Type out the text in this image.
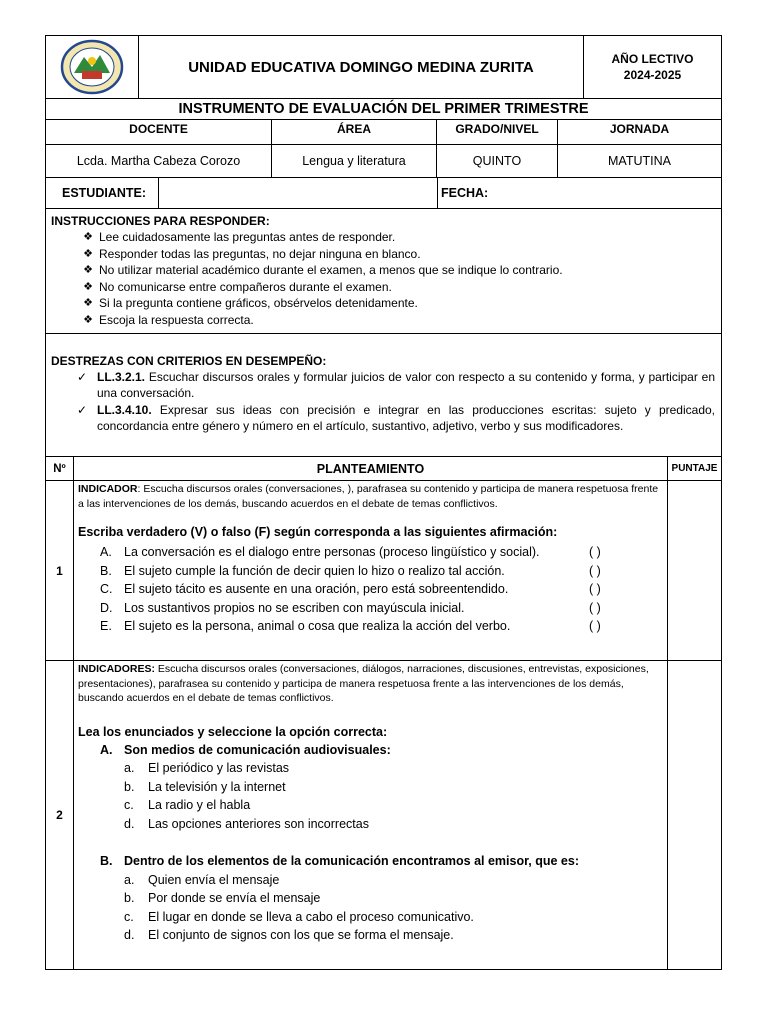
UNIDAD EDUCATIVA DOMINGO MEDINA ZURITA	AÑO LECTIVO
2024-2025
INSTRUMENTO DE EVALUACIÓN DEL PRIMER TRIMESTRE
DOCENTE	ÁREA	GRADO/NIVEL	JORNADA
Lcda. Martha Cabeza Corozo	Lengua y literatura	QUINTO	MATUTINA
ESTUDIANTE:	FECHA:
INSTRUCCIONES PARA RESPONDER:
❖ Lee cuidadosamente las preguntas antes de responder.
❖ Responder todas las preguntas, no dejar ninguna en blanco.
❖ No utilizar material académico durante el examen, a menos que se indique lo contrario.
❖ No comunicarse entre compañeros durante el examen.
❖ Si la pregunta contiene gráficos, obsérvelos detenidamente.
❖ Escoja la respuesta correcta.
DESTREZAS CON CRITERIOS EN DESEMPEÑO:
✓ LL.3.2.1. Escuchar discursos orales y formular juicios de valor con respecto a su contenido y forma, y participar en una conversación.
✓ LL.3.4.10. Expresar sus ideas con precisión e integrar en las producciones escritas: sujeto y predicado, concordancia entre género y número en el artículo, sustantivo, adjetivo, verbo y sus modificadores.
Nº	PLANTEAMIENTO	PUNTAJE
1
INDICADOR: Escucha discursos orales (conversaciones, ), parafrasea su contenido y participa de manera respetuosa frente a las intervenciones de los demás, buscando acuerdos en el debate de temas conflictivos.
Escriba verdadero (V) o falso (F) según corresponda a las siguientes afirmación:
A. La conversación es el dialogo entre personas (proceso lingüístico y social).	( )
B. El sujeto cumple la función de decir quien lo hizo o realizo tal acción.	( )
C. El sujeto tácito es ausente en una oración, pero está sobreentendido.	( )
D. Los sustantivos propios no se escriben con mayúscula inicial.	( )
E. El sujeto es la persona, animal o cosa que realiza la acción del verbo.	( )
2
INDICADORES: Escucha discursos orales (conversaciones, diálogos, narraciones, discusiones, entrevistas, exposiciones, presentaciones), parafrasea su contenido y participa de manera respetuosa frente a las intervenciones de los demás, buscando acuerdos en el debate de temas conflictivos.
Lea los enunciados y seleccione la opción correcta:
A. Son medios de comunicación audiovisuales:
a.	El periódico y las revistas
b.	La televisión y la internet
c.	La radio y el habla
d.	Las opciones anteriores son incorrectas
B. Dentro de los elementos de la comunicación encontramos al emisor, que es:
a.	Quien envía el mensaje
b.	Por donde se envía el mensaje
c.	El lugar en donde se lleva a cabo el proceso comunicativo.
d.	El conjunto de signos con los que se forma el mensaje.
